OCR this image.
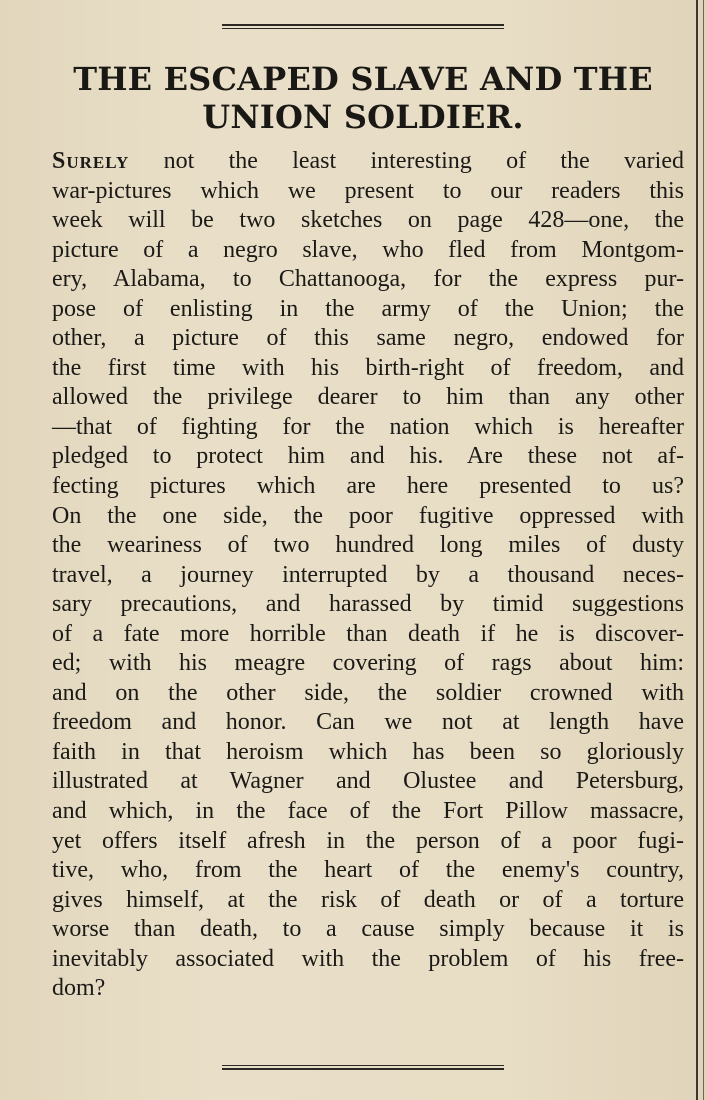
THE ESCAPED SLAVE AND THE
UNION SOLDIER.
Surely not the least interesting of the varied
war-pictures which we present to our readers this
week will be two sketches on page 428—one, the
picture of a negro slave, who fled from Montgom-
ery, Alabama, to Chattanooga, for the express pur-
pose of enlisting in the army of the Union; the
other, a picture of this same negro, endowed for
the first time with his birth-right of freedom, and
allowed the privilege dearer to him than any other
—that of fighting for the nation which is hereafter
pledged to protect him and his. Are these not af-
fecting pictures which are here presented to us?
On the one side, the poor fugitive oppressed with
the weariness of two hundred long miles of dusty
travel, a journey interrupted by a thousand neces-
sary precautions, and harassed by timid suggestions
of a fate more horrible than death if he is discover-
ed; with his meagre covering of rags about him:
and on the other side, the soldier crowned with
freedom and honor. Can we not at length have
faith in that heroism which has been so gloriously
illustrated at Wagner and Olustee and Petersburg,
and which, in the face of the Fort Pillow massacre,
yet offers itself afresh in the person of a poor fugi-
tive, who, from the heart of the enemy's country,
gives himself, at the risk of death or of a torture
worse than death, to a cause simply because it is
inevitably associated with the problem of his free-
dom?
